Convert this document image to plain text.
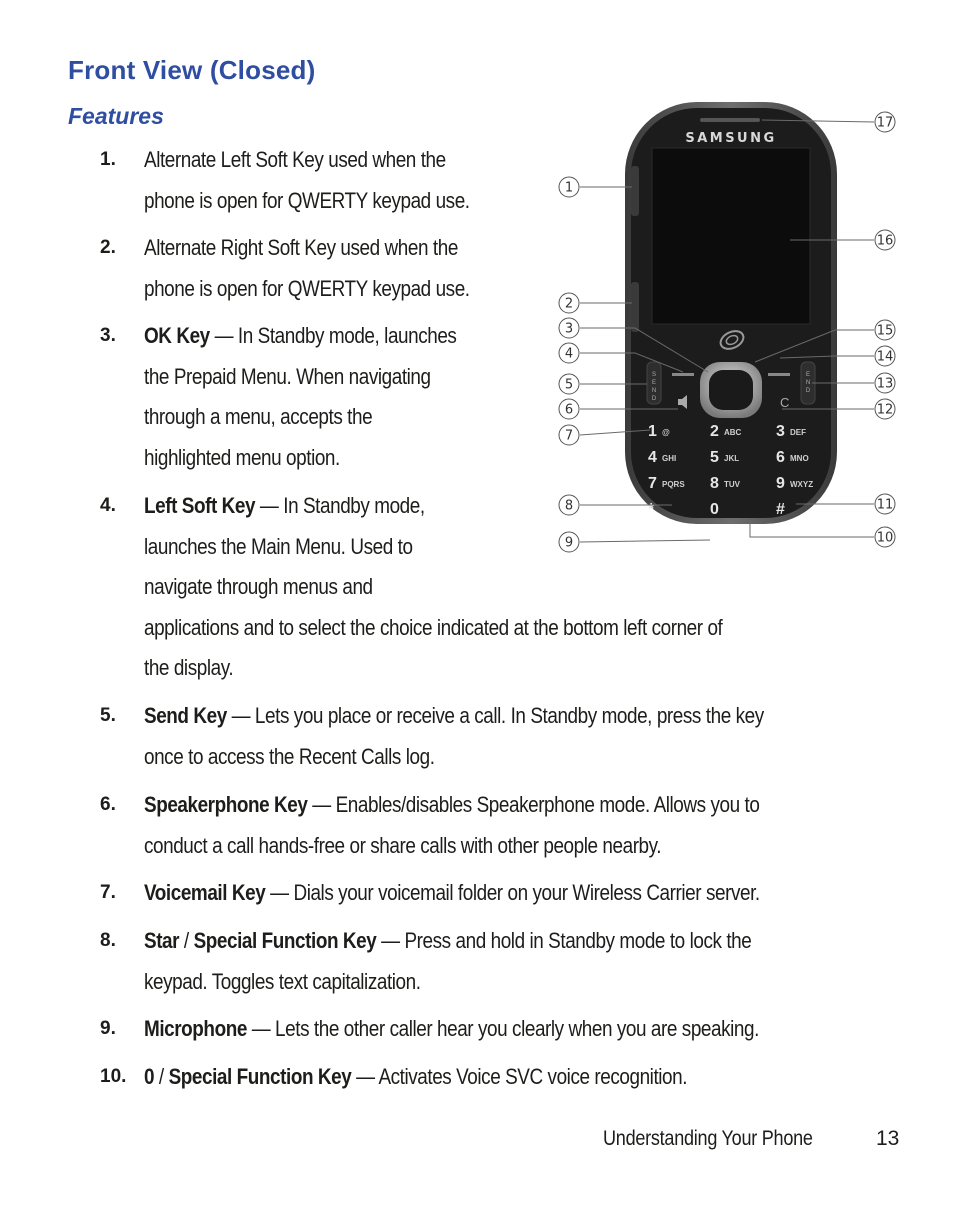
Front View (Closed)
Features
1.	Alternate Left Soft Key used when the
phone is open for QWERTY keypad use.
2.	Alternate Right Soft Key used when the
phone is open for QWERTY keypad use.
3.	OK Key — In Standby mode, launches
the Prepaid Menu. When navigating
through a menu, accepts the
highlighted menu option.
4.	Left Soft Key — In Standby mode,
launches the Main Menu. Used to
navigate through menus and
applications and to select the choice indicated at the bottom left corner of
the display.
5.	Send Key — Lets you place or receive a call. In Standby mode, press the key
once to access the Recent Calls log.
6.	Speakerphone Key — Enables/disables Speakerphone mode. Allows you to
conduct a call hands-free or share calls with other people nearby.
7.	Voicemail Key — Dials your voicemail folder on your Wireless Carrier server.
8.	Star / Special Function Key — Press and hold in Standby mode to lock the
keypad. Toggles text capitalization.
9.	Microphone — Lets the other caller hear you clearly when you are speaking.
10. 0 / Special Function Key — Activates Voice SVC voice recognition.
SAMSUNG
S E N D
E N D
C
1 @	2 ABC 3 DEF
4 GHI 5 JKL 6 MNO
7 PQRS 8 TUV 9 WXYZ
*	0	#
1
2
3
4
5
6
7
8
9	10
11
12
13
14
15
16
17
Understanding Your Phone	13
